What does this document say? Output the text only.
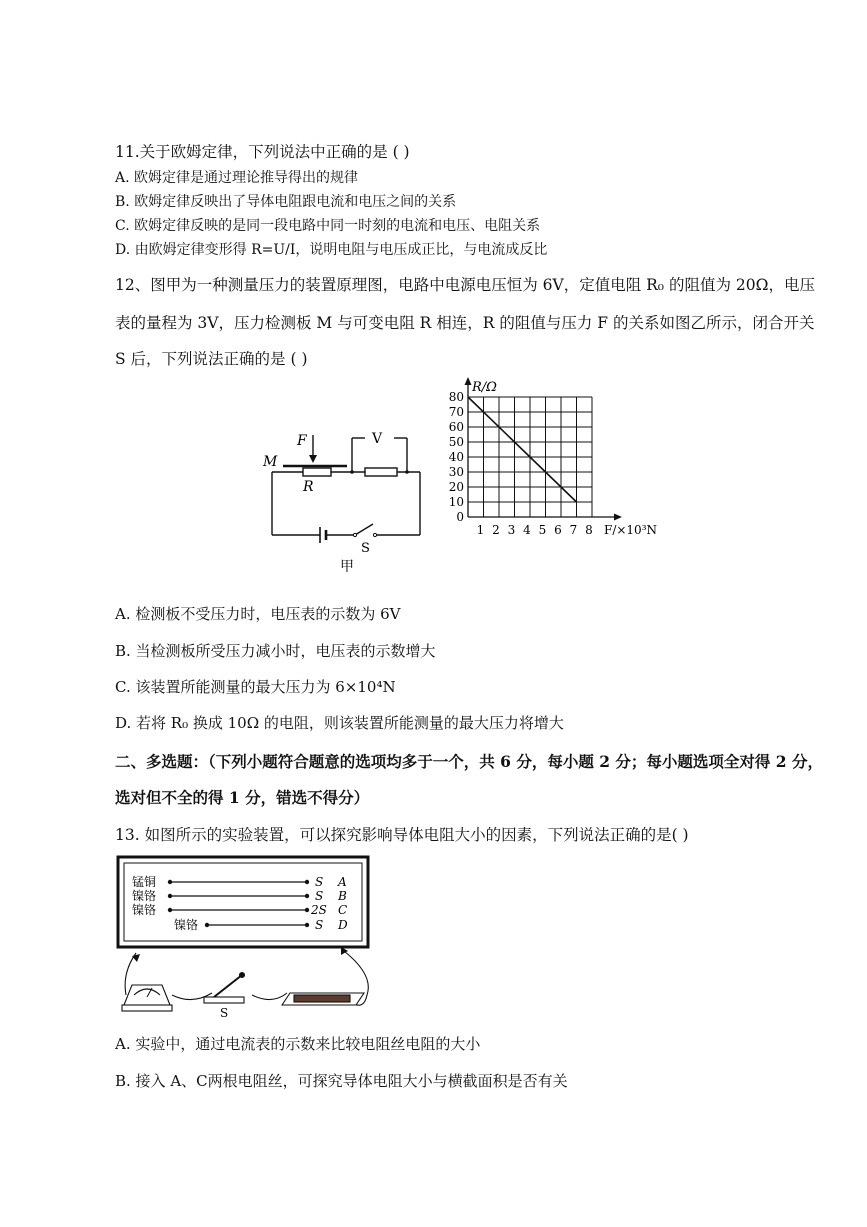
11.关于欧姆定律，下列说法中正确的是 ( )
A. 欧姆定律是通过理论推导得出的规律
B. 欧姆定律反映出了导体电阻跟电流和电压之间的关系
C. 欧姆定律反映的是同一段电路中同一时刻的电流和电压、电阻关系
D. 由欧姆定律变形得 R=U/I，说明电阻与电压成正比，与电流成反比
12、图甲为一种测量压力的装置原理图，电路中电源电压恒为 6V，定值电阻 R₀ 的阻值为 20Ω，电压
表的量程为 3V，压力检测板 M 与可变电阻 R 相连，R 的阻值与压力 F 的关系如图乙所示，闭合开关
S 后，下列说法正确的是 ( )
F
M
R
V
S
甲
0
10
20
30
40
50
60
70
80
1 2 3 4 5 6 7 8
R/Ω
F/×10³N
A. 检测板不受压力时，电压表的示数为 6V
B. 当检测板所受压力减小时，电压表的示数增大
C. 该装置所能测量的最大压力为 6×10⁴N
D. 若将 R₀ 换成 10Ω 的电阻，则该装置所能测量的最大压力将增大
二、多选题：（下列小题符合题意的选项均多于一个，共 6 分，每小题 2 分；每小题选项全对得 2 分，
选对但不全的得 1 分，错选不得分）
13. 如图所示的实验装置，可以探究影响导体电阻大小的因素，下列说法正确的是( )
锰铜
镍铬
镍铬
镍铬
S
S
2S
S
A
B
C
D
S
A. 实验中，通过电流表的示数来比较电阻丝电阻的大小
B. 接入 A、C两根电阻丝，可探究导体电阻大小与横截面积是否有关
